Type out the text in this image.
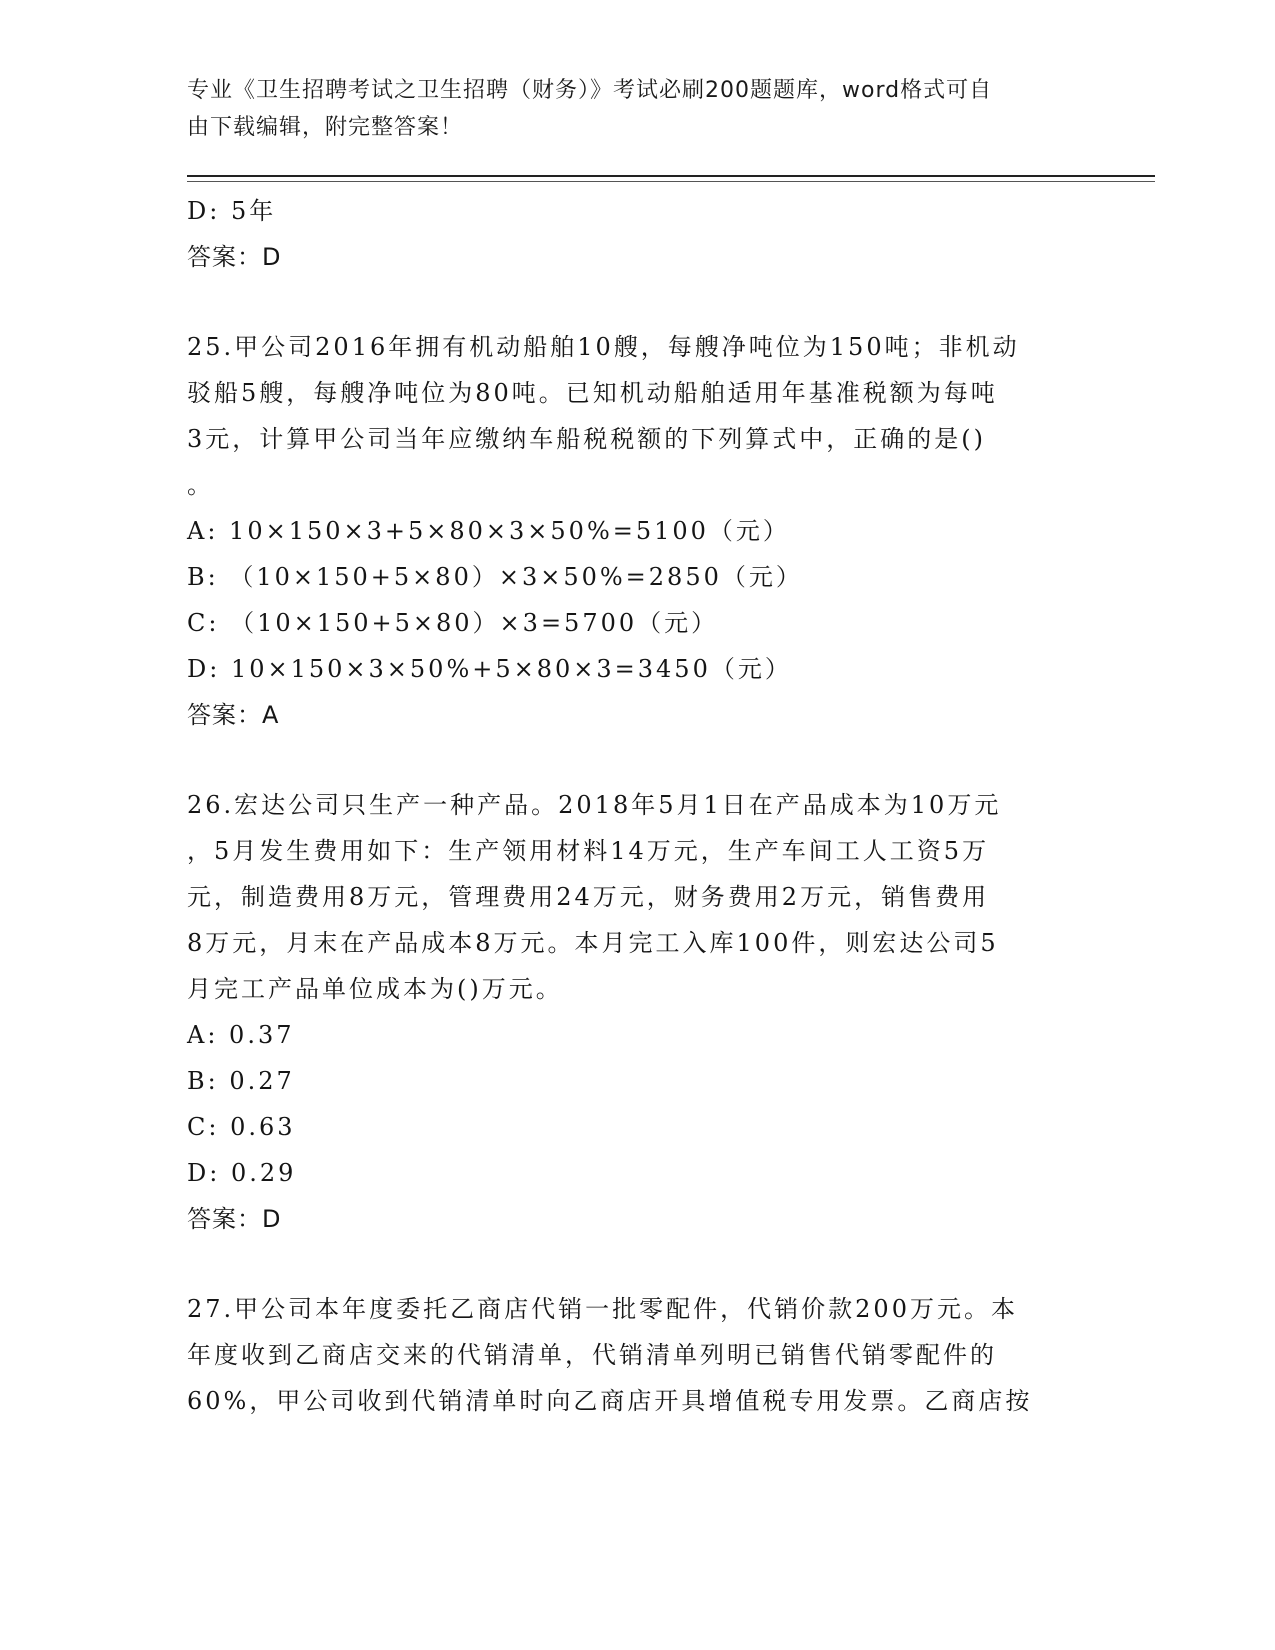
专业《卫生招聘考试之卫生招聘（财务）》考试必刷200题题库，word格式可自
由下载编辑，附完整答案！
D: 5年
答案：D
25.甲公司2016年拥有机动船舶10艘，每艘净吨位为150吨；非机动
驳船5艘，每艘净吨位为80吨。已知机动船舶适用年基准税额为每吨
3元，计算甲公司当年应缴纳车船税税额的下列算式中，正确的是()
。
A: 10×150×3+5×80×3×50%=5100（元）
B: （10×150+5×80）×3×50%=2850（元）
C: （10×150+5×80）×3=5700（元）
D: 10×150×3×50%+5×80×3=3450（元）
答案：A
26.宏达公司只生产一种产品。2018年5月1日在产品成本为10万元
，5月发生费用如下：生产领用材料14万元，生产车间工人工资5万
元，制造费用8万元，管理费用24万元，财务费用2万元，销售费用
8万元，月末在产品成本8万元。本月完工入库100件，则宏达公司5
月完工产品单位成本为()万元。
A: 0.37
B: 0.27
C: 0.63
D: 0.29
答案：D
27.甲公司本年度委托乙商店代销一批零配件，代销价款200万元。本
年度收到乙商店交来的代销清单，代销清单列明已销售代销零配件的
60%，甲公司收到代销清单时向乙商店开具增值税专用发票。乙商店按
